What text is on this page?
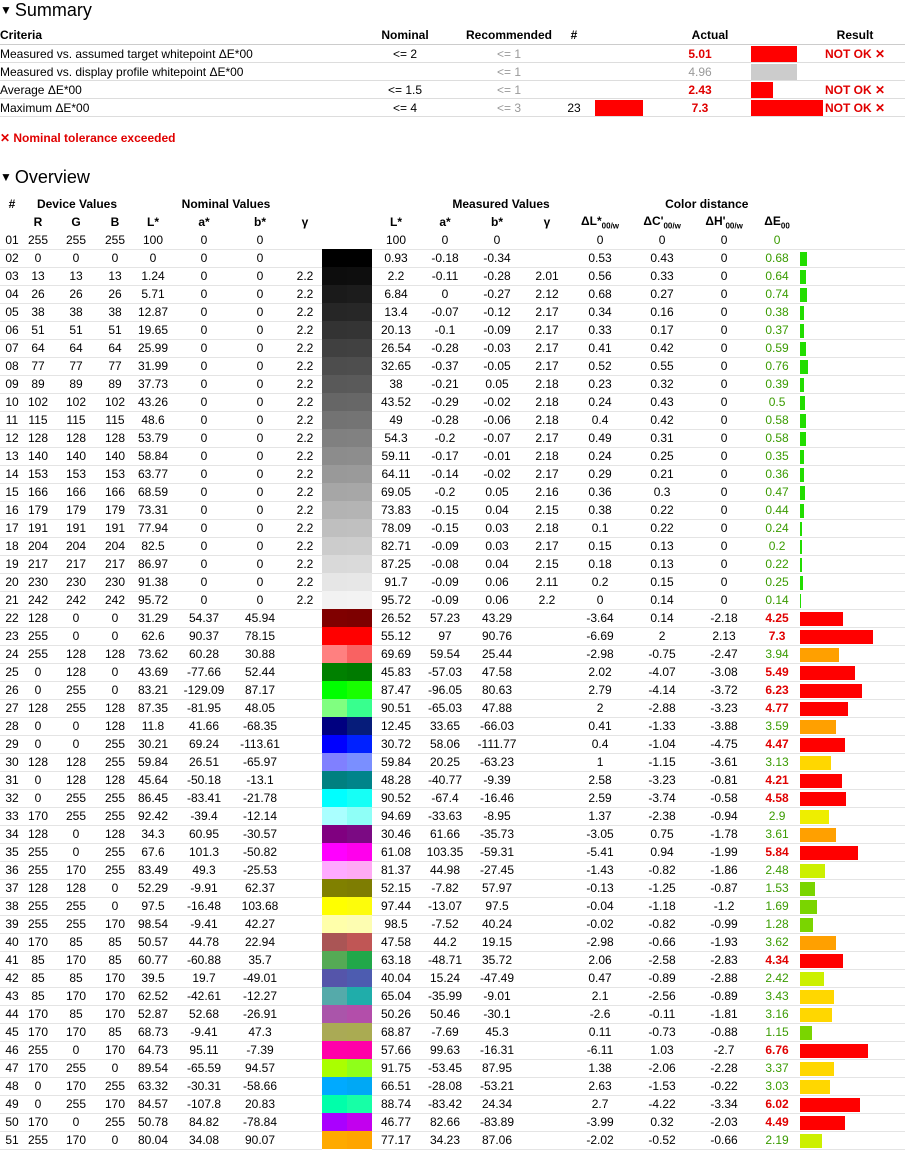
▼ Summary
Criteria	Nominal	Recommended	#	Actual			Result
Measured vs. assumed target whitepoint ΔE*00	<= 2	<= 1			5.01		NOT OK ✕
Measured vs. display profile whitepoint ΔE*00		<= 1			4.96	

Average ΔE*00	<= 1.5	<= 1			2.43		NOT OK ✕
Maximum ΔE*00	<= 4	<= 3	23		7.3		NOT OK ✕
✕ Nominal tolerance exceeded
▼ Overview
#	Device Values			Nominal Values					Measured Values					Color distance			
	R	G	B	L*	a*	b*	γ		L*	a*	b*	γ	$\Delta L*_{00/w}$	$\Delta C'_{00/w}$	$\Delta H'_{00/w}$	$\Delta E_{00}$	
01	255	255	255	100	0	0			100	0	0		0	0	0	0	
02	0	0	0	0	0	0			0.93	-0.18	-0.34		0.53	0.43	0	0.68	

03	13	13	13	1.24	0	0	2.2		2.2	-0.11	-0.28	2.01	0.56	0.33	0	0.64	

04	26	26	26	5.71	0	0	2.2		6.84	0	-0.27	2.12	0.68	0.27	0	0.74	

05	38	38	38	12.87	0	0	2.2		13.4	-0.07	-0.12	2.17	0.34	0.16	0	0.38	

06	51	51	51	19.65	0	0	2.2		20.13	-0.1	-0.09	2.17	0.33	0.17	0	0.37	

07	64	64	64	25.99	0	0	2.2		26.54	-0.28	-0.03	2.17	0.41	0.42	0	0.59	

08	77	77	77	31.99	0	0	2.2		32.65	-0.37	-0.05	2.17	0.52	0.55	0	0.76	

09	89	89	89	37.73	0	0	2.2		38	-0.21	0.05	2.18	0.23	0.32	0	0.39	

10	102	102	102	43.26	0	0	2.2		43.52	-0.29	-0.02	2.18	0.24	0.43	0	0.5	

11	115	115	115	48.6	0	0	2.2		49	-0.28	-0.06	2.18	0.4	0.42	0	0.58	

12	128	128	128	53.79	0	0	2.2		54.3	-0.2	-0.07	2.17	0.49	0.31	0	0.58	

13	140	140	140	58.84	0	0	2.2		59.11	-0.17	-0.01	2.18	0.24	0.25	0	0.35	

14	153	153	153	63.77	0	0	2.2		64.11	-0.14	-0.02	2.17	0.29	0.21	0	0.36	

15	166	166	166	68.59	0	0	2.2		69.05	-0.2	0.05	2.16	0.36	0.3	0	0.47	

16	179	179	179	73.31	0	0	2.2		73.83	-0.15	0.04	2.15	0.38	0.22	0	0.44	

17	191	191	191	77.94	0	0	2.2		78.09	-0.15	0.03	2.18	0.1	0.22	0	0.24	

18	204	204	204	82.5	0	0	2.2		82.71	-0.09	0.03	2.17	0.15	0.13	0	0.2	

19	217	217	217	86.97	0	0	2.2		87.25	-0.08	0.04	2.15	0.18	0.13	0	0.22	

20	230	230	230	91.38	0	0	2.2		91.7	-0.09	0.06	2.11	0.2	0.15	0	0.25	

21	242	242	242	95.72	0	0	2.2		95.72	-0.09	0.06	2.2	0	0.14	0	0.14	

22	128	0	0	31.29	54.37	45.94			26.52	57.23	43.29		-3.64	0.14	-2.18	4.25	

23	255	0	0	62.6	90.37	78.15			55.12	97	90.76		-6.69	2	2.13	7.3	

24	255	128	128	73.62	60.28	30.88			69.69	59.54	25.44		-2.98	-0.75	-2.47	3.94	

25	0	128	0	43.69	-77.66	52.44			45.83	-57.03	47.58		2.02	-4.07	-3.08	5.49	

26	0	255	0	83.21	-129.09	87.17			87.47	-96.05	80.63		2.79	-4.14	-3.72	6.23	

27	128	255	128	87.35	-81.95	48.05			90.51	-65.03	47.88		2	-2.88	-3.23	4.77	

28	0	0	128	11.8	41.66	-68.35			12.45	33.65	-66.03		0.41	-1.33	-3.88	3.59	

29	0	0	255	30.21	69.24	-113.61			30.72	58.06	-111.77		0.4	-1.04	-4.75	4.47	

30	128	128	255	59.84	26.51	-65.97			59.84	20.25	-63.23		1	-1.15	-3.61	3.13	

31	0	128	128	45.64	-50.18	-13.1			48.28	-40.77	-9.39		2.58	-3.23	-0.81	4.21	

32	0	255	255	86.45	-83.41	-21.78			90.52	-67.4	-16.46		2.59	-3.74	-0.58	4.58	

33	170	255	255	92.42	-39.4	-12.14			94.69	-33.63	-8.95		1.37	-2.38	-0.94	2.9	

34	128	0	128	34.3	60.95	-30.57			30.46	61.66	-35.73		-3.05	0.75	-1.78	3.61	

35	255	0	255	67.6	101.3	-50.82			61.08	103.35	-59.31		-5.41	0.94	-1.99	5.84	

36	255	170	255	83.49	49.3	-25.53			81.37	44.98	-27.45		-1.43	-0.82	-1.86	2.48	

37	128	128	0	52.29	-9.91	62.37			52.15	-7.82	57.97		-0.13	-1.25	-0.87	1.53	

38	255	255	0	97.5	-16.48	103.68			97.44	-13.07	97.5		-0.04	-1.18	-1.2	1.69	

39	255	255	170	98.54	-9.41	42.27			98.5	-7.52	40.24		-0.02	-0.82	-0.99	1.28	

40	170	85	85	50.57	44.78	22.94			47.58	44.2	19.15		-2.98	-0.66	-1.93	3.62	

41	85	170	85	60.77	-60.88	35.7			63.18	-48.71	35.72		2.06	-2.58	-2.83	4.34	

42	85	85	170	39.5	19.7	-49.01			40.04	15.24	-47.49		0.47	-0.89	-2.88	2.42	

43	85	170	170	62.52	-42.61	-12.27			65.04	-35.99	-9.01		2.1	-2.56	-0.89	3.43	

44	170	85	170	52.87	52.68	-26.91			50.26	50.46	-30.1		-2.6	-0.11	-1.81	3.16	

45	170	170	85	68.73	-9.41	47.3			68.87	-7.69	45.3		0.11	-0.73	-0.88	1.15	

46	255	0	170	64.73	95.11	-7.39			57.66	99.63	-16.31		-6.11	1.03	-2.7	6.76	

47	170	255	0	89.54	-65.59	94.57			91.75	-53.45	87.95		1.38	-2.06	-2.28	3.37	

48	0	170	255	63.32	-30.31	-58.66			66.51	-28.08	-53.21		2.63	-1.53	-0.22	3.03	

49	0	255	170	84.57	-107.8	20.83			88.74	-83.42	24.34		2.7	-4.22	-3.34	6.02	

50	170	0	255	50.78	84.82	-78.84			46.77	82.66	-83.89		-3.99	0.32	-2.03	4.49	

51	255	170	0	80.04	34.08	90.07			77.17	34.23	87.06		-2.02	-0.52	-0.66	2.19	
